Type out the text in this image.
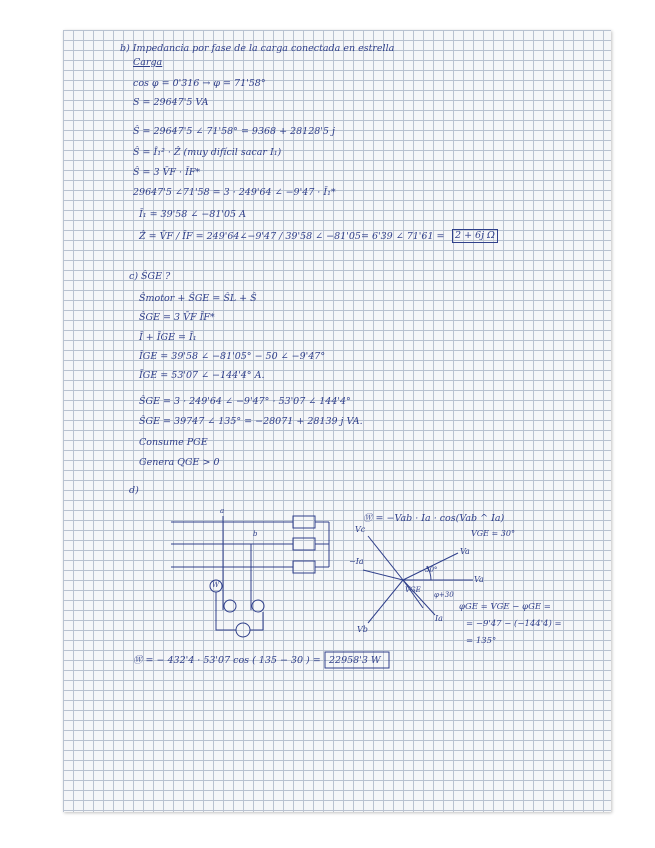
b) Impedancia por fase de la carga conectada en estrella
Carga
cos φ = 0'316 → φ = 71'58°
S = 29647'5 VA
Ŝ = 29647'5 ∠ 71'58° = 9368 + 28128'5 j
Ŝ = Ȋ₁² · Ẑ (muy difícil sacar I₁)
Ŝ = 3 V̄F · ĪF*
29647'5 ∠71'58 = 3 · 249'64 ∠ −9'47 · Ī₁*
Ī₁ = 39'58 ∠ −81'05 A
Ẑ = V̄F / ĪF = 249'64∠−9'47 / 39'58 ∠ −81'05 = 6'39 ∠ 71'61 =	2 + 6j Ω
c) ŜGE ?
Ŝmotor + ŜGE = ŜL + Ŝ
ŜGE = 3 V̄F ĪF*
Ī + ĪGE = Ī₁
ĪGE = 39'58 ∠ −81'05° − 50 ∠ −9'47°
ĪGE = 53'07 ∠ −144'4° A.
ŜGE = 3 · 249'64 ∠ −9'47° · 53'07 ∠ 144'4°
ŜGE = 39747 ∠ 135° = −28071 + 28139 j VA.
Consume PGE
Genera QGE > 0
d)
a
b
W
Ⓦ = −Vab · Ia · cos(Vab ^ Ia)
VGE = 30°
Va
Vc
−Ia
30°
Va
VGE
φ+30
Ia
Vb
φGE = VGE − φGE =
= −9'47 − (−144'4) =
= 135°
Ⓦ = − 432'4 · 53'07 cos ( 135 − 30 ) = 22958'3 W
